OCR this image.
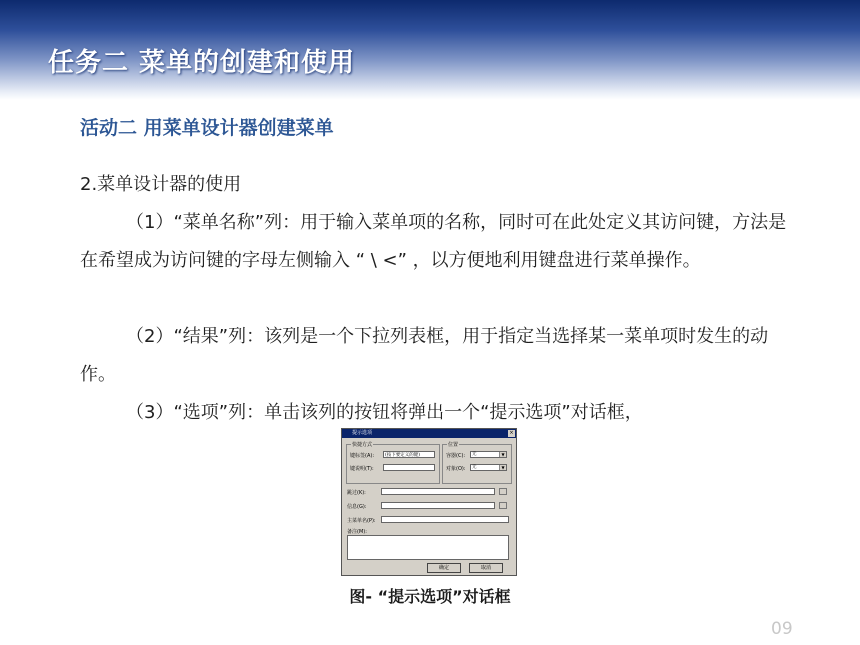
任务二 菜单的创建和使用
活动二 用菜单设计器创建菜单
2.菜单设计器的使用
（1）“菜单名称”列：用于输入菜单项的名称，同时可在此处定义其访问键，方法是在希望成为访问键的字母左侧输入 “ \ <” ，以方便地利用键盘进行菜单操作。
（2）“结果”列：该列是一个下拉列表框，用于指定当选择某一菜单项时发生的动作。
（3）“选项”列：单击该列的按钮将弹出一个“提示选项”对话框，
提示选项	×
快捷方式
键标签(A):	(按下要定义的键)
键说明(T):
位置
容器(C):	无	▼
对象(O):	无	▼
跳过(K):
信息(G):
主菜单名(P):
备注(M):
确定	取消
图- “提示选项”对话框
09
